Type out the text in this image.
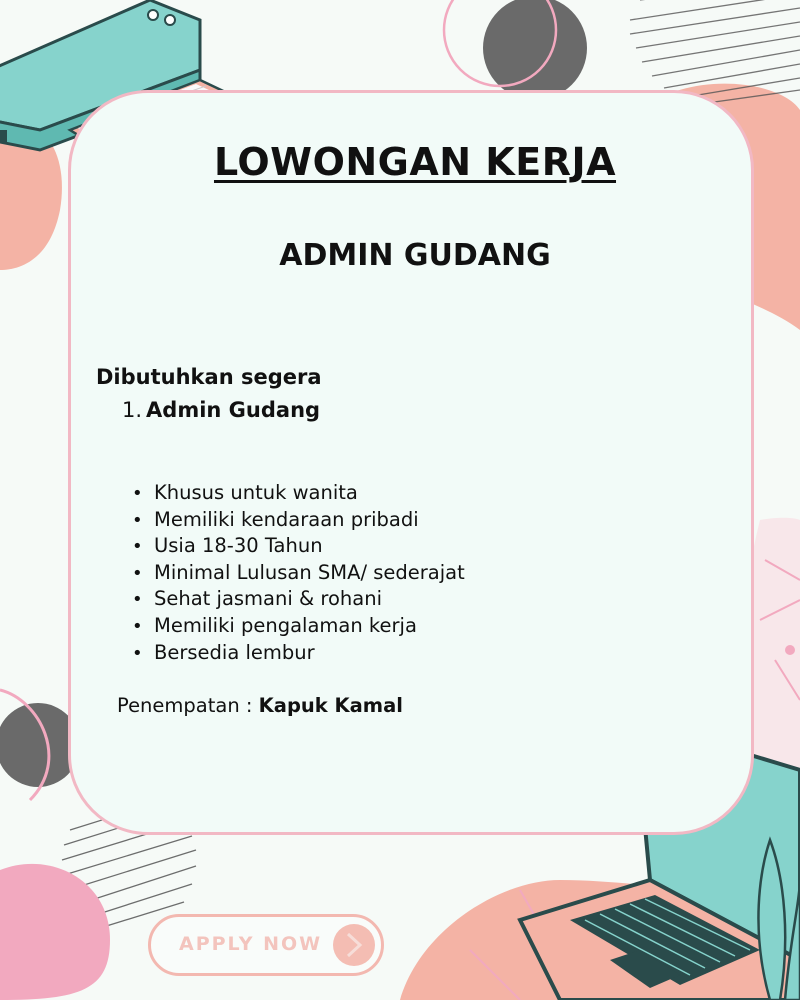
LOWONGAN KERJA
ADMIN GUDANG
Dibutuhkan segera
1. Admin Gudang
• Khusus untuk wanita
• Memiliki kendaraan pribadi
• Usia 18-30 Tahun
• Minimal Lulusan SMA/ sederajat
• Sehat jasmani & rohani
• Memiliki pengalaman kerja
• Bersedia lembur
Penempatan : Kapuk Kamal
APPLY NOW
